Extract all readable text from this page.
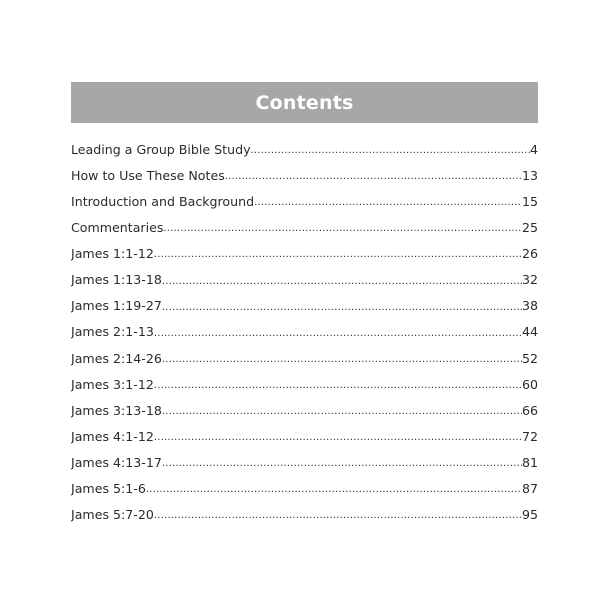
Contents
Leading a Group Bible Study .....	4
How to Use These Notes .....	13
Introduction and Background .....	15
Commentaries .....	25
James 1:1-12 .....	26
James 1:13-18 .....	32
James 1:19-27 .....	38
James 2:1-13 .....	44
James 2:14-26 .....	52
James 3:1-12 .....	60
James 3:13-18 .....	66
James 4:1-12 .....	72
James 4:13-17 .....	81
James 5:1-6 .....	87
James 5:7-20 .....	95
